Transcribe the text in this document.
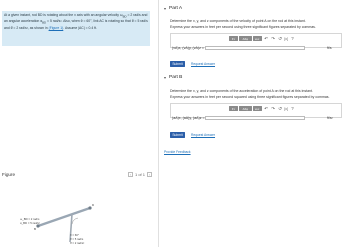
At a given instant, rod BD is rotating about the x axis with an angular velocity $\omega_{BD} = 2$ rad/s and an angular acceleration $\alpha_{BD} = 5$ rad/s². Also, when θ = 60°, link AC is rotating so that θ̇ = 5 rad/s and θ̈ = 2 rad/s², as shown in (Figure 1). Assume |AC| = 0.4 ft.
Figure	‹ 1 of 1	›
ω_BD = 2 rad/s
α_BD = 5 rad/s²
θ = 60°
θ̇ = 5 rad/s
θ̈ = 2 rad/s²
B
D
Part A
Determine the x, y, and z components of the velocity of point A on the rod at this instant.
Express your answers in feet per second using three significant figures separated by commas.
Σ√	ΑΣφ	vec	↶ ↷ ↺ [≡] ?
(vA)x, (vA)y, (vA)z =	ft/s
Submit	Request Answer
Part B
Determine the x, y, and z components of the acceleration of point A on the rod at this instant.
Express your answers in feet per second squared using three significant figures separated by commas.
Σ√	ΑΣφ	vec	↶ ↷ ↺ [≡] ?
(aA)x, (aA)y, (aA)z =	ft/s²
Submit	Request Answer
Provide Feedback
